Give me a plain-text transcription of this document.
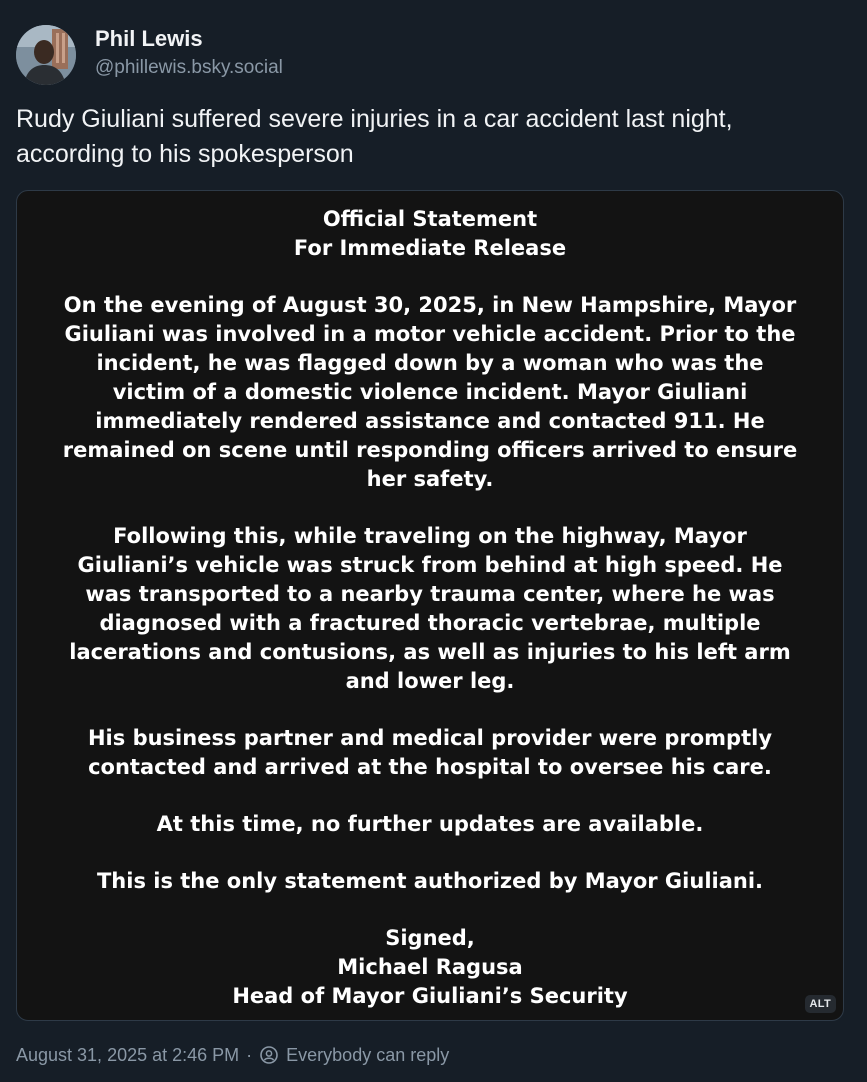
Phil Lewis
@phillewis.bsky.social
Rudy Giuliani suffered severe injuries in a car accident last night, according to his spokesperson

Official Statement

For Immediate Release

On the evening of August 30, 2025, in New Hampshire, Mayor Giuliani was involved in a motor vehicle accident. Prior to the incident, he was flagged down by a woman who was the victim of a domestic violence incident. Mayor Giuliani immediately rendered assistance and contacted 911. He remained on scene until responding officers arrived to ensure her safety.

Following this, while traveling on the highway, Mayor Giuliani’s vehicle was struck from behind at high speed. He was transported to a nearby trauma center, where he was diagnosed with a fractured thoracic vertebrae, multiple lacerations and contusions, as well as injuries to his left arm and lower leg.

His business partner and medical provider were promptly contacted and arrived at the hospital to oversee his care.

At this time, no further updates are available.

This is the only statement authorized by Mayor Giuliani.

Signed,

Michael Ragusa

Head of Mayor Giuliani’s Security	ALT
August 31, 2025 at 2:46 PM · Everybody can reply
